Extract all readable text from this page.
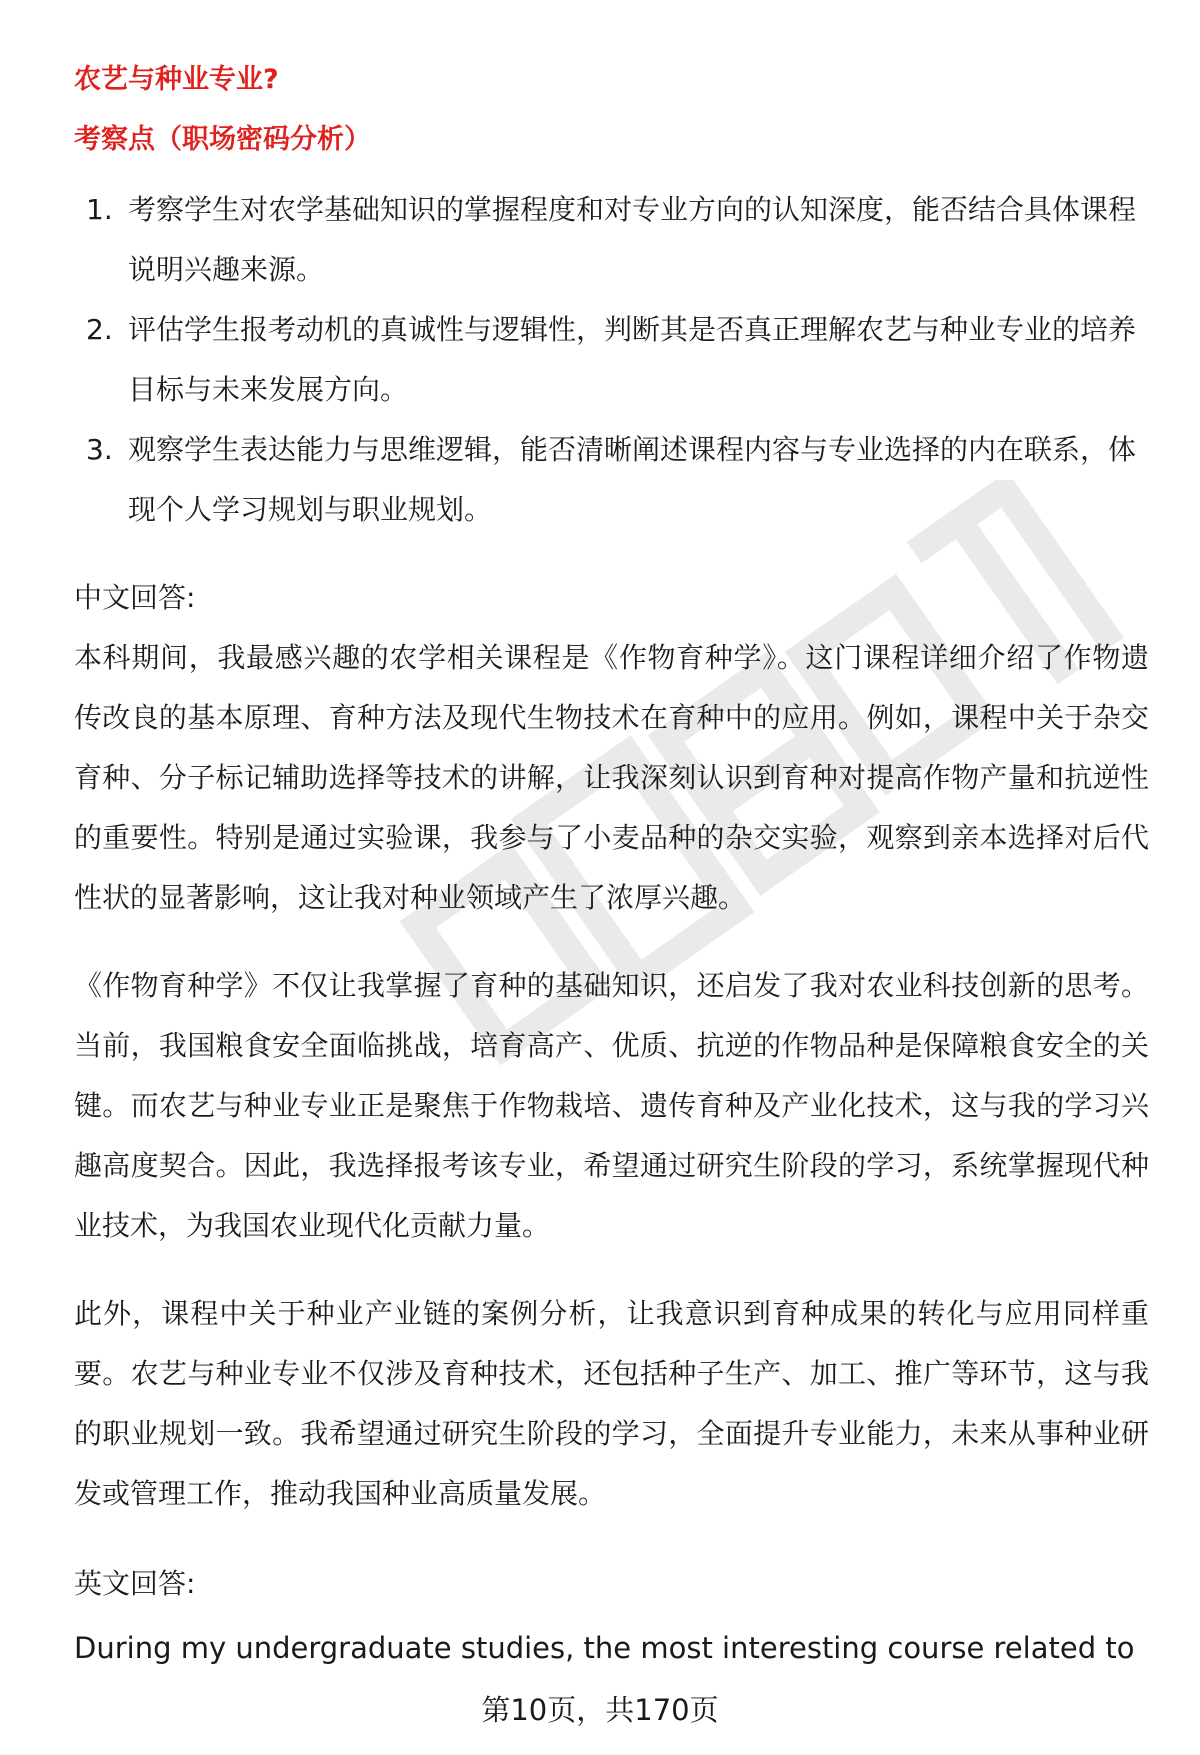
农艺与种业专业?

考察点（职场密码分析）

1. 考察学生对农学基础知识的掌握程度和对专业方向的认知深度，能否结合具体课程说明兴趣来源。
2. 评估学生报考动机的真诚性与逻辑性，判断其是否真正理解农艺与种业专业的培养目标与未来发展方向。
3. 观察学生表达能力与思维逻辑，能否清晰阐述课程内容与专业选择的内在联系，体现个人学习规划与职业规划。

中文回答:

本科期间，我最感兴趣的农学相关课程是《作物育种学》。这门课程详细介绍了作物遗传改良的基本原理、育种方法及现代生物技术在育种中的应用。例如，课程中关于杂交育种、分子标记辅助选择等技术的讲解，让我深刻认识到育种对提高作物产量和抗逆性的重要性。特别是通过实验课，我参与了小麦品种的杂交实验，观察到亲本选择对后代性状的显著影响，这让我对种业领域产生了浓厚兴趣。

《作物育种学》不仅让我掌握了育种的基础知识，还启发了我对农业科技创新的思考。当前，我国粮食安全面临挑战，培育高产、优质、抗逆的作物品种是保障粮食安全的关键。而农艺与种业专业正是聚焦于作物栽培、遗传育种及产业化技术，这与我的学习兴趣高度契合。因此，我选择报考该专业，希望通过研究生阶段的学习，系统掌握现代种业技术，为我国农业现代化贡献力量。

此外，课程中关于种业产业链的案例分析，让我意识到育种成果的转化与应用同样重要。农艺与种业专业不仅涉及育种技术，还包括种子生产、加工、推广等环节，这与我的职业规划一致。我希望通过研究生阶段的学习，全面提升专业能力，未来从事种业研发或管理工作，推动我国种业高质量发展。

英文回答:

During my undergraduate studies, the most interesting course related to

第10页，共170页
